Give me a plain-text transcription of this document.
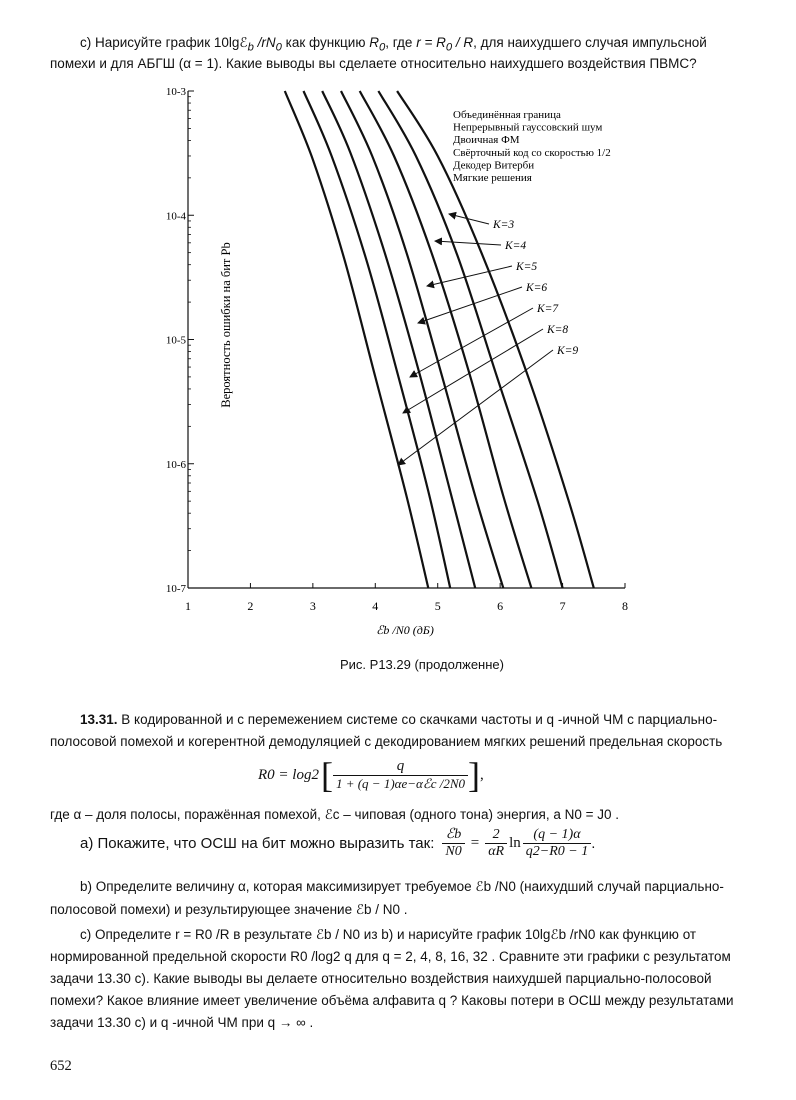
с) Нарисуйте график 10lgℰ$_b$ $/rN_0$ как функцию $R_0$, где $r = R_0 / R$, для наихудшего случая импульсной
помехи и для АБГШ (α = 1). Какие выводы вы сделаете относительно наихудшего воздействия ПВМС?
1	2	3	4	5	6	7	8
10-3
10-4
10-5
10-6
10-7
K=3
K=4
K=5
K=6
K=7
K=8
K=9
Объединённая граница
Непрерывный гауссовский шум
Двоичная ФМ
Свёрточный код со скоростью 1/2
Декодер Витерби
Мягкие решения
ℰb /N0 (дБ)
Вероятность ошибки на бит Pb
Рис. P13.29 (продолженне)
13.31. В кодированной и с перемежением системе со скачками частоты и q -ичной ЧМ с парциально-
полосовой помехой и когерентной демодуляцией с декодированием мягких решений предельная скорость
R0 = log2 [ $\frac{q}{\text{1 + (q − 1)αe−αℰc /2N0}}$ ] ,
где α – доля полосы, поражённая помехой, ℰc – чиповая (одного тона) энергия, а N0 = J0 .
a) Покажите, что ОСШ на бит можно выразить так: $\frac{\text{ℰb}}{N0} = \frac{2}{\alpha R}$ $\ln \frac{(q - 1)\alpha}{q2-R0 - 1}$ .
b) Определите величину α, которая максимизирует требуемое ℰb /N0 (наихудший случай парциально-
полосовой помехи) и результирующее значение ℰb / N0 .
с) Определите r = R0 /R в результате ℰb / N0 из b) и нарисуйте график 10lgℰb /rN0 как функцию от
нормированной предельной скорости R0 /log2 q для q = 2, 4, 8, 16, 32 . Сравните эти графики с результатом
задачи 13.30 с). Какие выводы вы делаете относительно воздействия наихудшей парциально-полосовой
помехи? Какое влияние имеет увеличение объёма алфавита q ? Каковы потери в ОСШ между результатами
задачи 13.30 с) и q -ичной ЧМ при q → ∞ .
652
